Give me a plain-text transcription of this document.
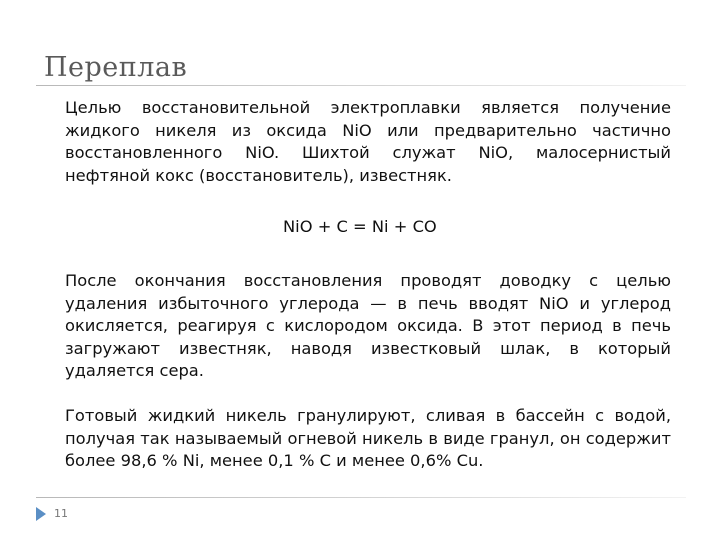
Переплав

Целью восстановительной электроплавки является получение жидкого никеля из оксида NiO или предварительно частично восстановленного NiO. Шихтой служат NiO, малосернистый нефтяной кокс (восстановитель), известняк.

NiO + C = Ni + CO

После окончания восстановления проводят доводку с целью удаления избыточного углерода — в печь вводят NiO и углерод окисляется, реагируя с кислородом оксида. В этот период в печь загружают известняк, наводя известковый шлак, в который удаляется сера.

Готовый жидкий никель гранулируют, сливая в бассейн с водой, получая так называемый огневой никель в виде гранул, он содержит более 98,6 % Ni, менее 0,1 % C и менее 0,6% Cu.

11
